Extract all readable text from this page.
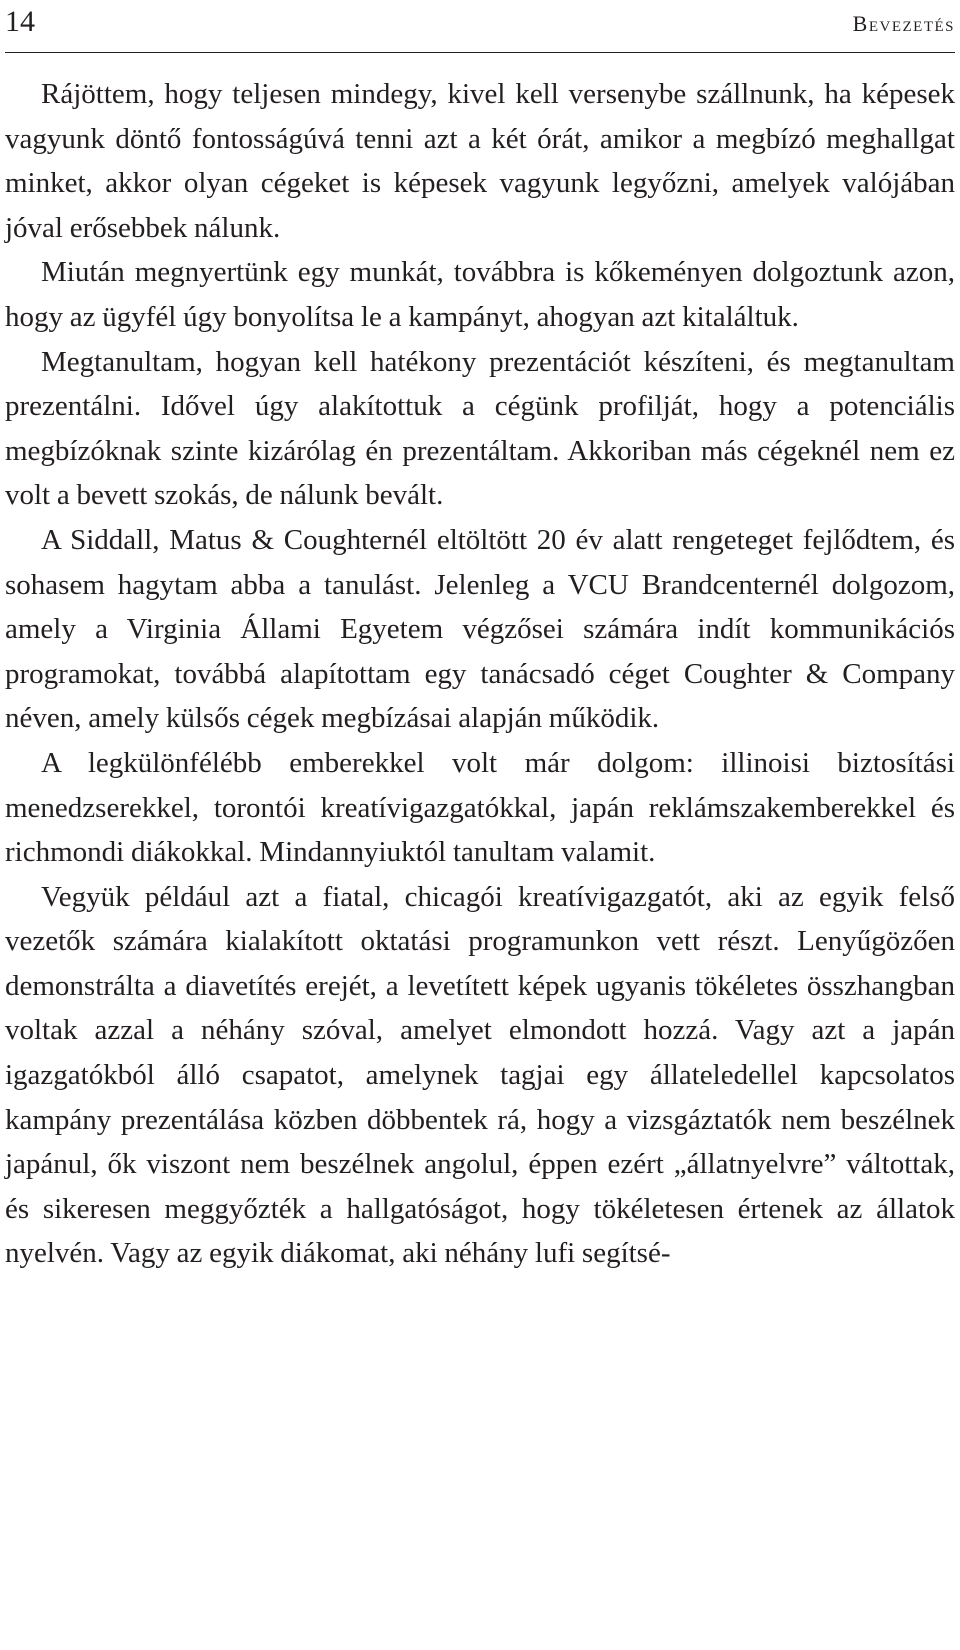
14	Bevezetés

Rájöttem, hogy teljesen mindegy, kivel kell versenybe szállnunk, ha képesek vagyunk döntő fontosságúvá tenni azt a két órát, amikor a megbízó meghallgat minket, akkor olyan cégeket is képesek vagyunk legyőzni, amelyek valójában jóval erősebbek nálunk.

Miután megnyertünk egy munkát, továbbra is kőkeményen dolgoztunk azon, hogy az ügyfél úgy bonyolítsa le a kampányt, ahogyan azt kitaláltuk.

Megtanultam, hogyan kell hatékony prezentációt készíteni, és megtanultam prezentálni. Idővel úgy alakítottuk a cégünk profilját, hogy a potenciális megbízóknak szinte kizárólag én prezentáltam. Akkoriban más cégeknél nem ez volt a bevett szokás, de nálunk bevált.

A Siddall, Matus & Coughternél eltöltött 20 év alatt rengeteget fejlődtem, és sohasem hagytam abba a tanulást. Jelenleg a VCU Brandcenternél dolgozom, amely a Virginia Állami Egyetem végzősei számára indít kommunikációs programokat, továbbá alapítottam egy tanácsadó céget Coughter & Company néven, amely külsős cégek megbízásai alapján működik.

A legkülönfélébb emberekkel volt már dolgom: illinoisi biztosítási menedzserekkel, torontói kreatívigazgatókkal, japán reklámszakemberekkel és richmondi diákokkal. Mindannyiuktól tanultam valamit.

Vegyük például azt a fiatal, chicagói kreatívigazgatót, aki az egyik felső vezetők számára kialakított oktatási programunkon vett részt. Lenyűgözően demonstrálta a diavetítés erejét, a levetített képek ugyanis tökéletes összhangban voltak azzal a néhány szóval, amelyet elmondott hozzá. Vagy azt a japán igazgatókból álló csapatot, amelynek tagjai egy állateledellel kapcsolatos kampány prezentálása közben döbbentek rá, hogy a vizsgáztatók nem beszélnek japánul, ők viszont nem beszélnek angolul, éppen ezért „állatnyelvre” váltottak, és sikeresen meggyőzték a hallgatóságot, hogy tökéletesen értenek az állatok nyelvén. Vagy az egyik diákomat, aki néhány lufi segítsé-
